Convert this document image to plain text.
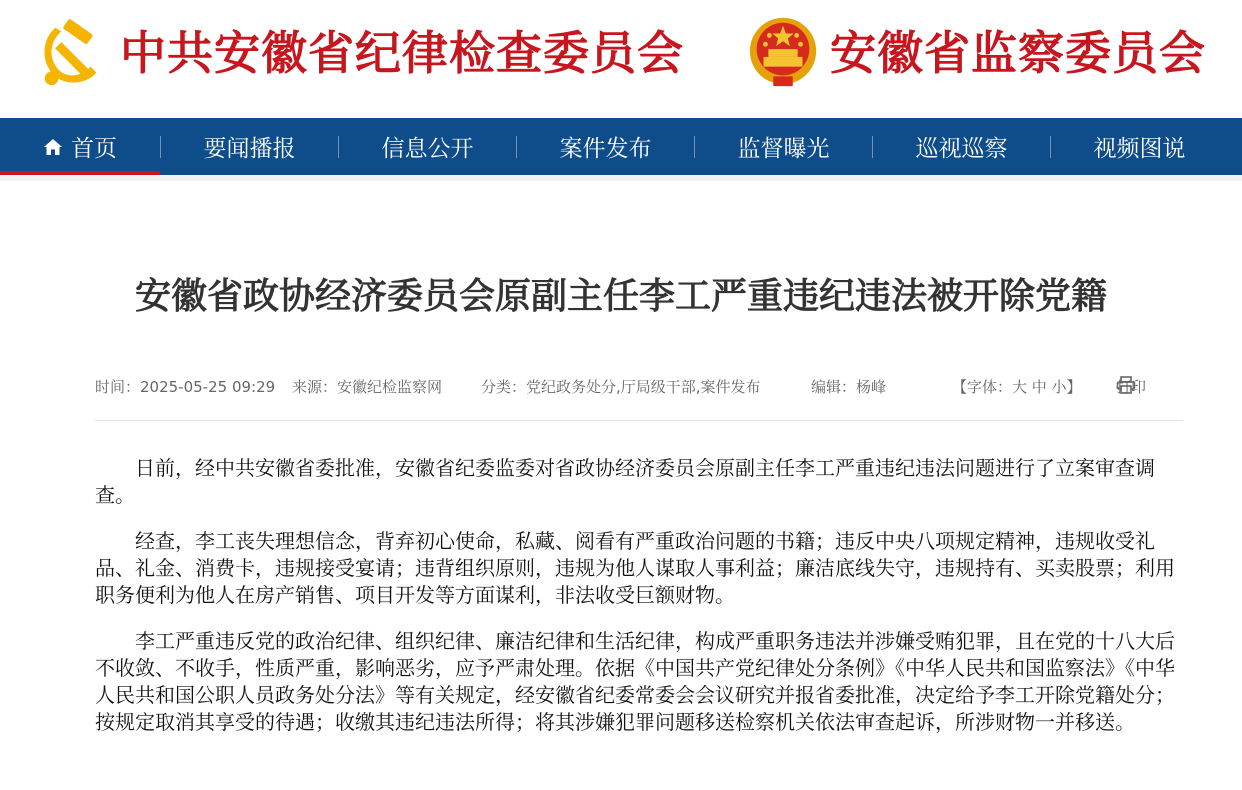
中共安徽省纪律检查委员会	安徽省监察委员会
首页	要闻播报	信息公开	案件发布	监督曝光	巡视巡察	视频图说
安徽省政协经济委员会原副主任李工严重违纪违法被开除党籍
时间：2025-05-25 09:29 来源：安徽纪检监察网	分类：党纪政务处分,厅局级干部,案件发布	编辑：杨峰	【字体：大 中 小】 打印

日前，经中共安徽省委批准，安徽省纪委监委对省政协经济委员会原副主任李工严重违纪违法问题进行了立案审查调查。

经查，李工丧失理想信念，背弃初心使命，私藏、阅看有严重政治问题的书籍；违反中央八项规定精神，违规收受礼品、礼金、消费卡，违规接受宴请；违背组织原则，违规为他人谋取人事利益；廉洁底线失守，违规持有、买卖股票；利用职务便利为他人在房产销售、项目开发等方面谋利，非法收受巨额财物。

李工严重违反党的政治纪律、组织纪律、廉洁纪律和生活纪律，构成严重职务违法并涉嫌受贿犯罪，且在党的十八大后不收敛、不收手，性质严重，影响恶劣，应予严肃处理。依据《中国共产党纪律处分条例》《中华人民共和国监察法》《中华人民共和国公职人员政务处分法》等有关规定，经安徽省纪委常委会会议研究并报省委批准，决定给予李工开除党籍处分；按规定取消其享受的待遇；收缴其违纪违法所得；将其涉嫌犯罪问题移送检察机关依法审查起诉，所涉财物一并移送。
